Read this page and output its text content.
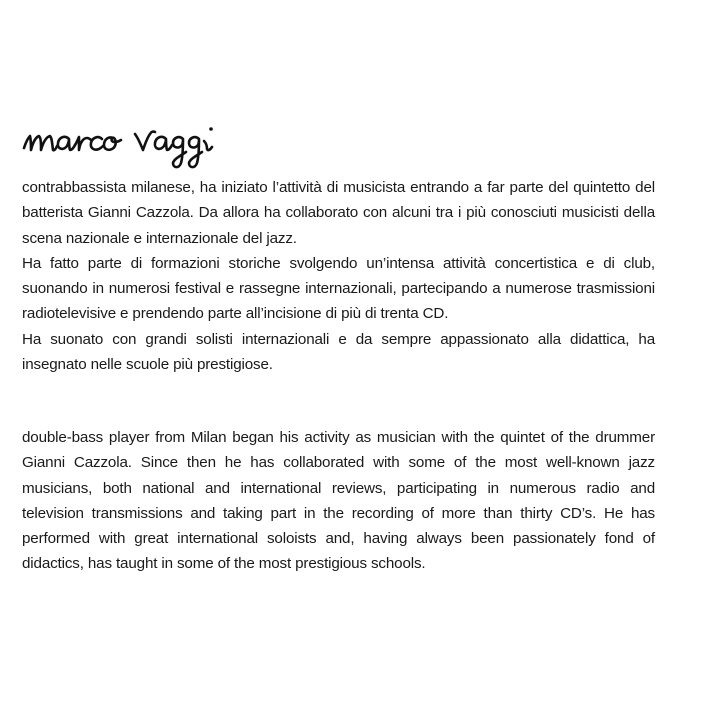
contrabbassista milanese, ha iniziato l’attività di musicista entrando a far parte del quintetto del batterista Gianni Cazzola. Da allora ha collaborato con alcuni tra i più conosciuti musicisti della scena nazionale e internazionale del jazz.

Ha fatto parte di formazioni storiche svolgendo un’intensa attività concertistica e di club, suonando in numerosi festival e rassegne internazionali, partecipando a numerose trasmissioni radiotelevisive e prendendo parte all’incisione di più di trenta CD.

Ha suonato con grandi solisti internazionali e da sempre appassionato alla didattica, ha insegnato nelle scuole più prestigiose.

double-bass player from Milan began his activity as musician with the quintet of the drummer Gianni Cazzola. Since then he has collaborated with some of the most well-known jazz musicians, both national and international reviews, participating in numerous radio and television transmissions and taking part in the recording of more than thirty CD’s. He has performed with great international soloists and, having always been passionately fond of didactics, has taught in some of the most prestigious schools.
